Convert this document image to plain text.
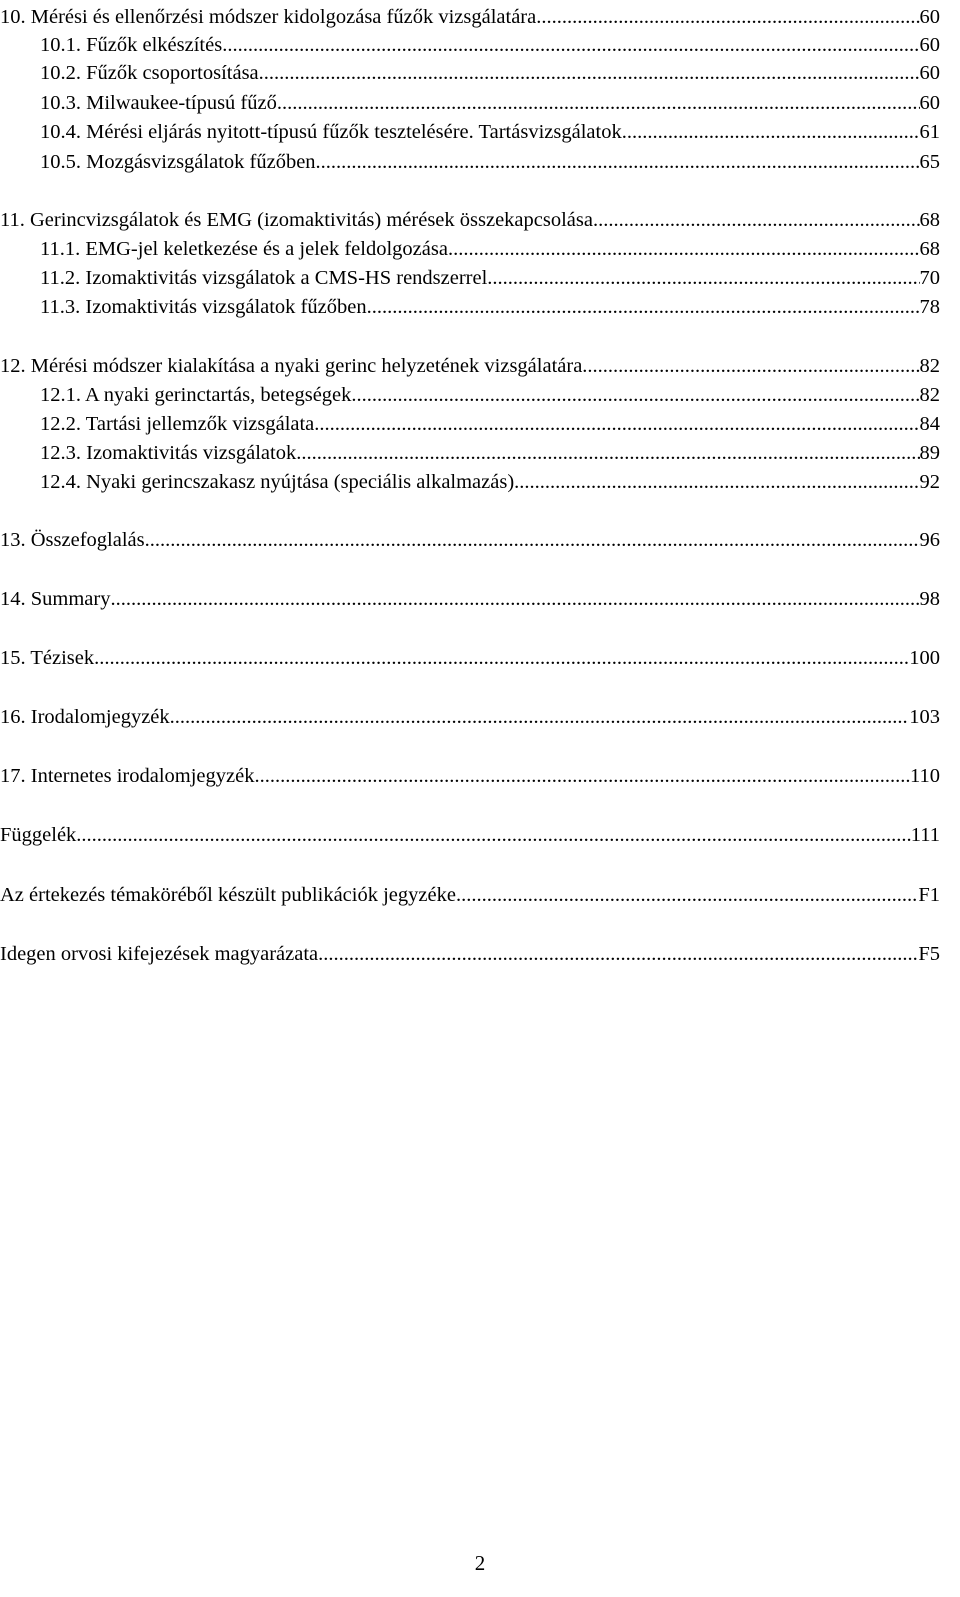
10. Mérési és ellenőrzési módszer kidolgozása fűzők vizsgálatára .....	60
10.1. Fűzők elkészítés .....	60
10.2. Fűzők csoportosítása .....	60
10.3. Milwaukee-típusú fűző .....	60
10.4. Mérési eljárás nyitott-típusú fűzők tesztelésére. Tartásvizsgálatok .....	61
10.5. Mozgásvizsgálatok fűzőben .....	65
11. Gerincvizsgálatok és EMG (izomaktivitás) mérések összekapcsolása .....	68
11.1. EMG-jel keletkezése és a jelek feldolgozása .....	68
11.2. Izomaktivitás vizsgálatok a CMS-HS rendszerrel .....	70
11.3. Izomaktivitás vizsgálatok fűzőben .....	78
12. Mérési módszer kialakítása a nyaki gerinc helyzetének vizsgálatára .....	82
12.1. A nyaki gerinctartás, betegségek .....	82
12.2. Tartási jellemzők vizsgálata .....	84
12.3. Izomaktivitás vizsgálatok .....	89
12.4. Nyaki gerincszakasz nyújtása (speciális alkalmazás) .....	92
13. Összefoglalás .....	96
14. Summary .....	98
15. Tézisek .....	100
16. Irodalomjegyzék .....	103
17. Internetes irodalomjegyzék .....	110
Függelék .....	111
Az értekezés témaköréből készült publikációk jegyzéke .....	F1
Idegen orvosi kifejezések magyarázata .....	F5
2
